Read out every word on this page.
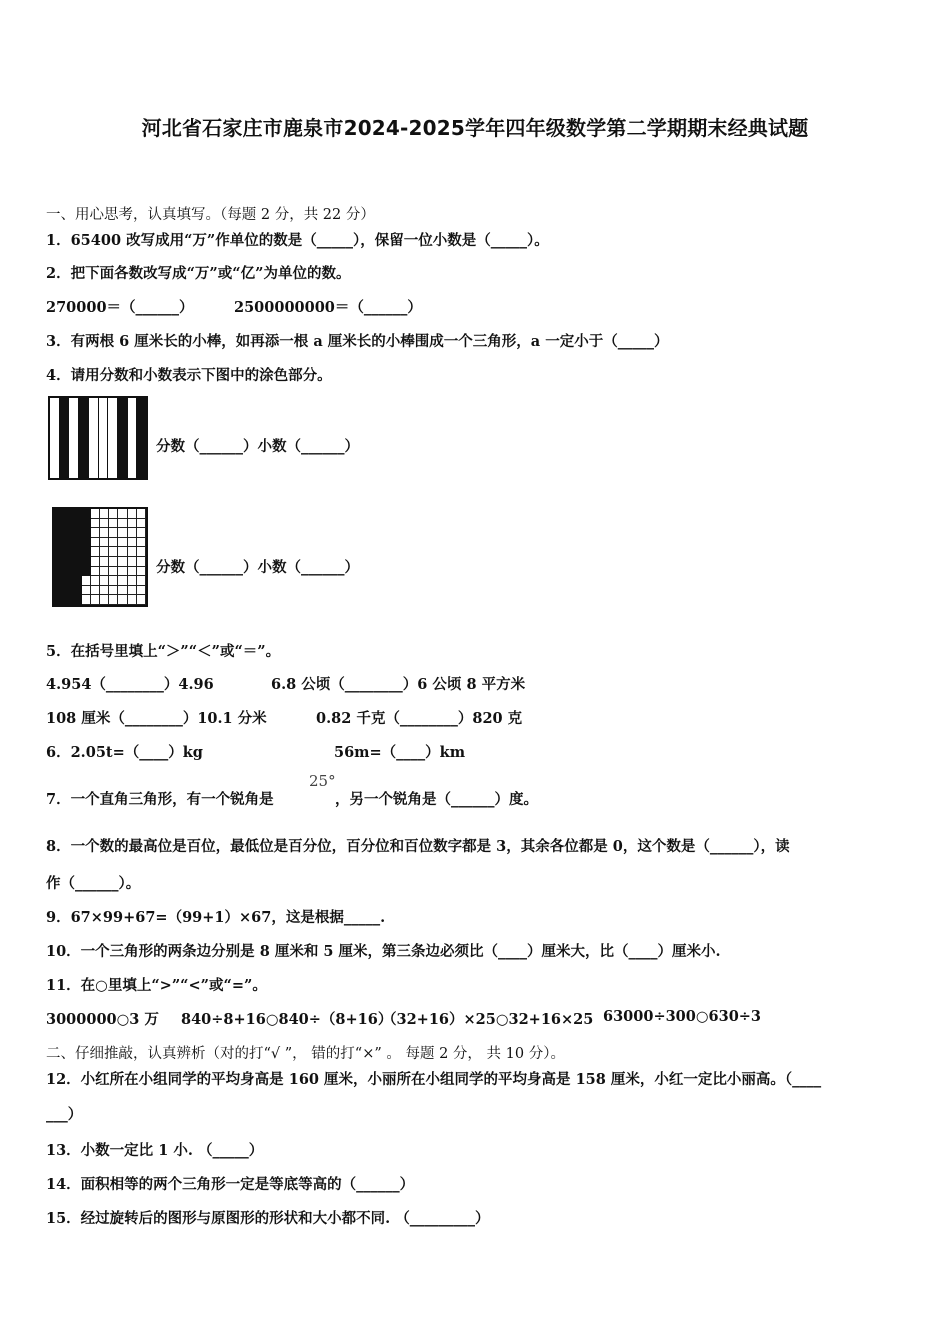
河北省石家庄市鹿泉市2024-2025学年四年级数学第二学期期末经典试题
一、用心思考，认真填写。（每题 2 分，共 22 分）
1．65400 改写成用“万”作单位的数是（_____），保留一位小数是（_____）。
2．把下面各数改写成“万”或“亿”为单位的数。
270000＝（______）	2500000000＝（______）
3．有两根 6 厘米长的小棒，如再添一根 a 厘米长的小棒围成一个三角形，a 一定小于（_____）
4．请用分数和小数表示下图中的涂色部分。
分数（______）小数（______）
分数（______）小数（______）
5．在括号里填上“＞”“＜”或“＝”。
4.954（________）4.96	6.8 公顷（________）6 公顷 8 平方米
108 厘米（________）10.1 分米	0.82 千克（________）820 克
6．2.05t=（____）kg	56m=（____）km
7．一个直角三角形，有一个锐角是
25°
，另一个锐角是（______）度。
8．一个数的最高位是百位，最低位是百分位，百分位和百位数字都是 3，其余各位都是 0，这个数是（______），读
作（______）。
9．67×99+67=（99+1）×67，这是根据_____.
10．一个三角形的两条边分别是 8 厘米和 5 厘米，第三条边必须比（____）厘米大，比（____）厘米小.
11．在○里填上“>”“<”或“=”。
3000000○3 万 840÷8+16○840÷（8+16）
（32+16）×25○32+16×25 63000÷300○630÷3
二、仔细推敲，认真辨析（对的打“√ ”， 错的打“×” 。 每题 2 分， 共 10 分）。
12．小红所在小组同学的平均身高是 160 厘米，小丽所在小组同学的平均身高是 158 厘米，小红一定比小丽高。（____
___）
13．小数一定比 1 小. （_____）
14．面积相等的两个三角形一定是等底等高的（______）
15．经过旋转后的图形与原图形的形状和大小都不同. （_________）
